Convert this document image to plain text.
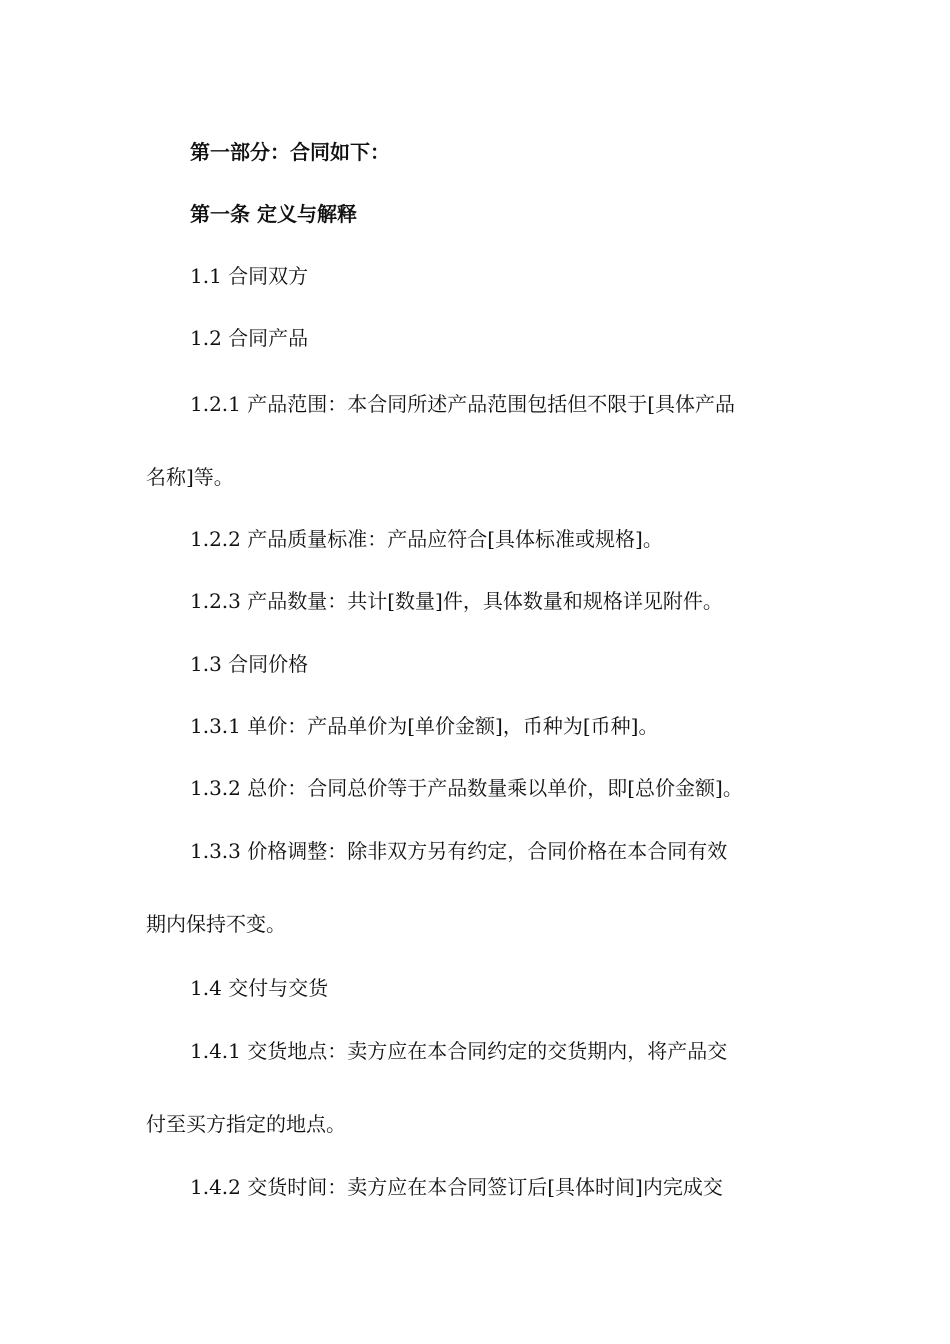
第一部分：合同如下：
第一条 定义与解释
1.1 合同双方
1.2 合同产品
1.2.1 产品范围：本合同所述产品范围包括但不限于[具体产品
名称]等。
1.2.2 产品质量标准：产品应符合[具体标准或规格]。
1.2.3 产品数量：共计[数量]件，具体数量和规格详见附件。
1.3 合同价格
1.3.1 单价：产品单价为[单价金额]，币种为[币种]。
1.3.2 总价：合同总价等于产品数量乘以单价，即[总价金额]。
1.3.3 价格调整：除非双方另有约定，合同价格在本合同有效
期内保持不变。
1.4 交付与交货
1.4.1 交货地点：卖方应在本合同约定的交货期内，将产品交
付至买方指定的地点。
1.4.2 交货时间：卖方应在本合同签订后[具体时间]内完成交
